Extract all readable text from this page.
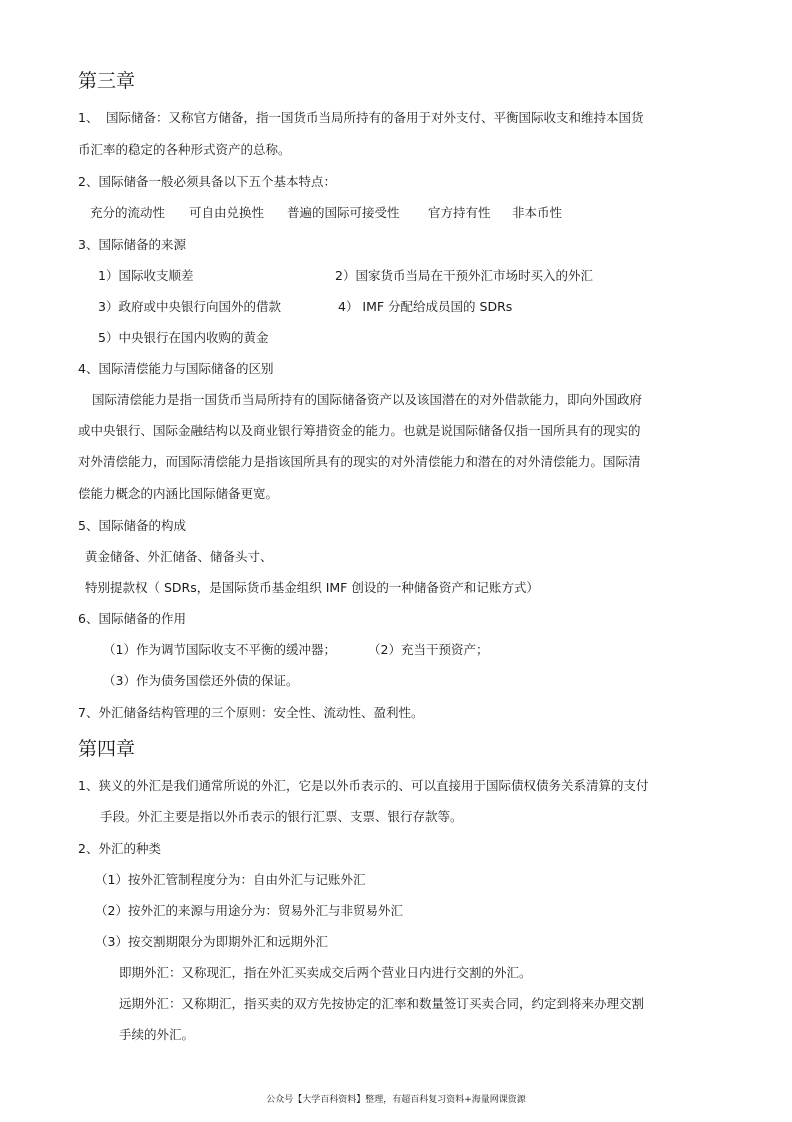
第三章
1、 国际储备：又称官方储备，指一国货币当局所持有的备用于对外支付、平衡国际收支和维持本国货
币汇率的稳定的各种形式资产的总称。
2、国际储备一般必须具备以下五个基本特点：
充分的流动性 可自由兑换性 普遍的国际可接受性 官方持有性 非本币性
3、国际储备的来源
1）国际收支顺差	2）国家货币当局在干预外汇市场时买入的外汇
3）政府或中央银行向国外的借款	4） IMF 分配给成员国的 SDRs
5）中央银行在国内收购的黄金
4、国际清偿能力与国际储备的区别
国际清偿能力是指一国货币当局所持有的国际储备资产以及该国潜在的对外借款能力，即向外国政府
或中央银行、国际金融结构以及商业银行筹措资金的能力。也就是说国际储备仅指一国所具有的现实的
对外清偿能力，而国际清偿能力是指该国所具有的现实的对外清偿能力和潜在的对外清偿能力。国际清
偿能力概念的内涵比国际储备更宽。
5、国际储备的构成
黄金储备、外汇储备、储备头寸、
特别提款权（ SDRs，是国际货币基金组织 IMF 创设的一种储备资产和记账方式）
6、国际储备的作用
（1）作为调节国际收支不平衡的缓冲器；	（2）充当干预资产；
（3）作为债务国偿还外债的保证。
7、外汇储备结构管理的三个原则：安全性、流动性、盈利性。
第四章
1、狭义的外汇是我们通常所说的外汇，它是以外币表示的、可以直接用于国际债权债务关系清算的支付
手段。外汇主要是指以外币表示的银行汇票、支票、银行存款等。
2、外汇的种类
（1）按外汇管制程度分为：自由外汇与记账外汇
（2）按外汇的来源与用途分为：贸易外汇与非贸易外汇
（3）按交割期限分为即期外汇和远期外汇
即期外汇：又称现汇，指在外汇买卖成交后两个营业日内进行交割的外汇。
远期外汇：又称期汇，指买卖的双方先按协定的汇率和数量签订买卖合同，约定到将来办理交割
手续的外汇。
公众号【大学百科资料】整理，有超百科复习资料+海量网课资源
